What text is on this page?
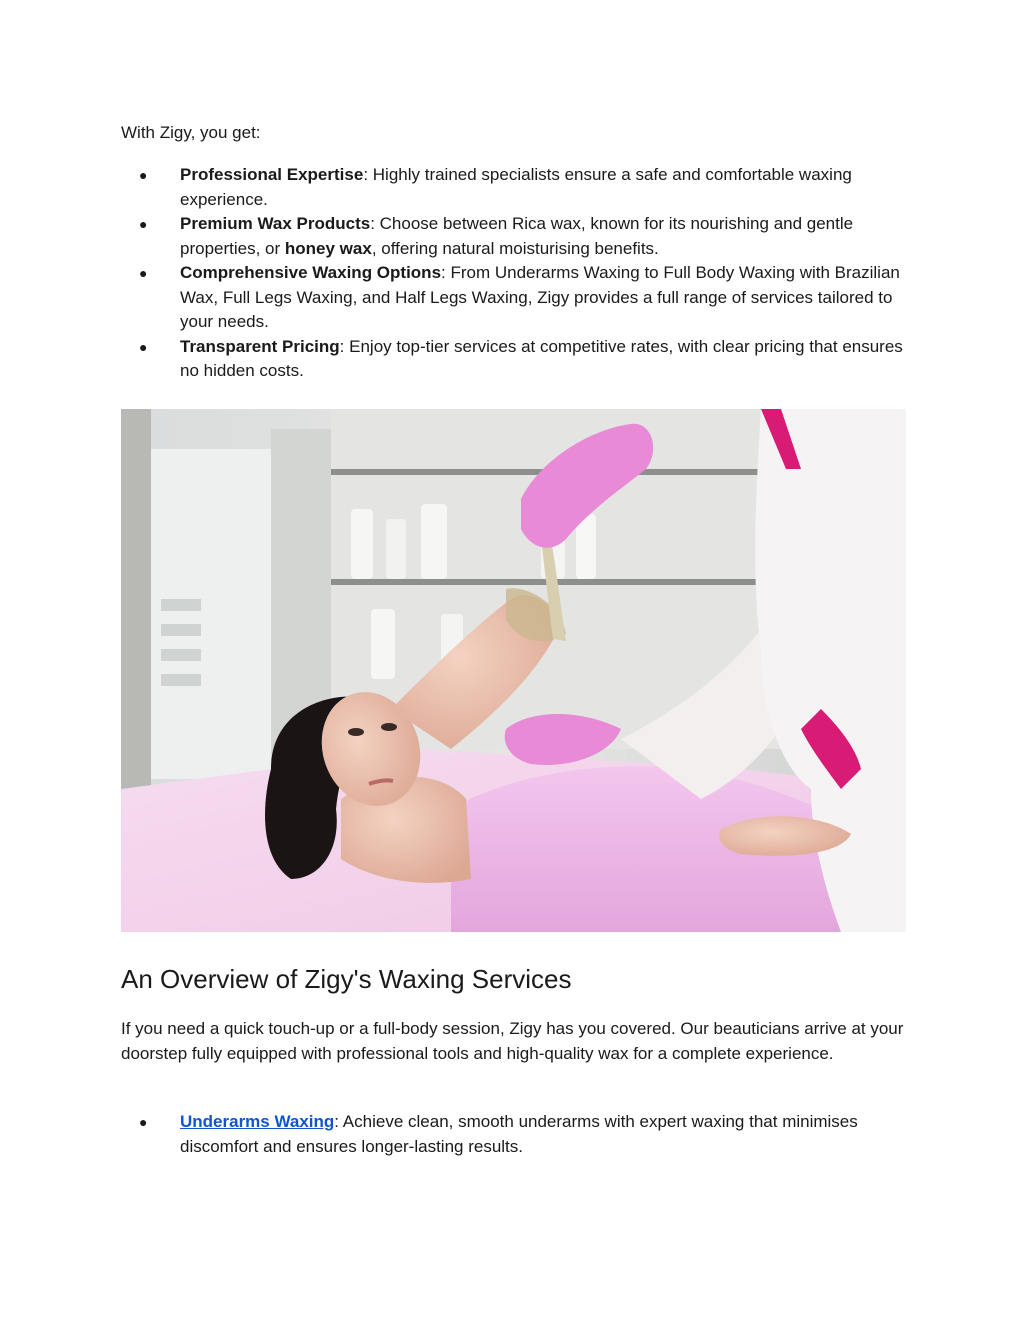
With Zigy, you get:

● Professional Expertise: Highly trained specialists ensure a safe and comfortable waxing experience.
● Premium Wax Products: Choose between Rica wax, known for its nourishing and gentle properties, or honey wax, offering natural moisturising benefits.
● Comprehensive Waxing Options: From Underarms Waxing to Full Body Waxing with Brazilian Wax, Full Legs Waxing, and Half Legs Waxing, Zigy provides a full range of services tailored to your needs.
● Transparent Pricing: Enjoy top-tier services at competitive rates, with clear pricing that ensures no hidden costs.
An Overview of Zigy's Waxing Services

If you need a quick touch-up or a full-body session, Zigy has you covered. Our beauticians arrive at your doorstep fully equipped with professional tools and high-quality wax for a complete experience.

● Underarms Waxing: Achieve clean, smooth underarms with expert waxing that minimises discomfort and ensures longer-lasting results.
